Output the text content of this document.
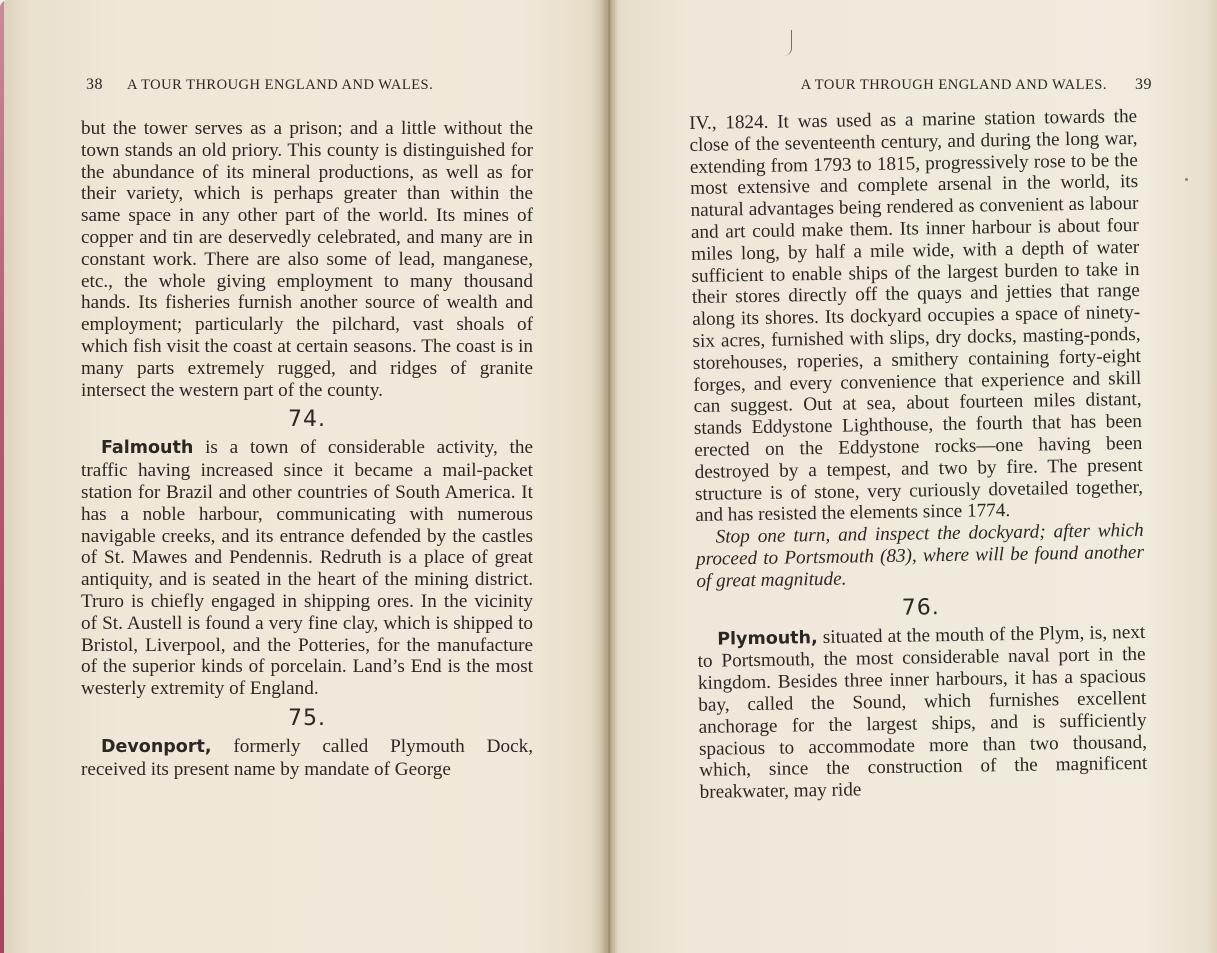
38 A TOUR THROUGH ENGLAND AND WALES.

but the tower serves as a prison; and a little without the town stands an old priory. This county is distinguished for the abundance of its mineral productions, as well as for their variety, which is perhaps greater than within the same space in any other part of the world. Its mines of copper and tin are deservedly celebrated, and many are in constant work. There are also some of lead, manganese, etc., the whole giving employment to many thousand hands. Its fisheries furnish another source of wealth and employment; particularly the pilchard, vast shoals of which fish visit the coast at certain seasons. The coast is in many parts extremely rugged, and ridges of granite intersect the western part of the county.

74.

Falmouth is a town of considerable activity, the traffic having increased since it became a mail-packet station for Brazil and other countries of South America. It has a noble harbour, communicating with numerous navigable creeks, and its entrance defended by the castles of St. Mawes and Pendennis. Redruth is a place of great antiquity, and is seated in the heart of the mining district. Truro is chiefly engaged in shipping ores. In the vicinity of St. Austell is found a very fine clay, which is shipped to Bristol, Liverpool, and the Potteries, for the manufacture of the superior kinds of porcelain. Land’s End is the most westerly extremity of England.

75.

Devonport, formerly called Plymouth Dock, received its present name by mandate of George

A TOUR THROUGH ENGLAND AND WALES. 39

IV., 1824. It was used as a marine station towards the close of the seventeenth century, and during the long war, extending from 1793 to 1815, progressively rose to be the most extensive and complete arsenal in the world, its natural advantages being rendered as convenient as labour and art could make them. Its inner harbour is about four miles long, by half a mile wide, with a depth of water sufficient to enable ships of the largest burden to take in their stores directly off the quays and jetties that range along its shores. Its dockyard occupies a space of ninety-six acres, furnished with slips, dry docks, masting-ponds, storehouses, roperies, a smithery containing forty-eight forges, and every convenience that experience and skill can suggest. Out at sea, about fourteen miles distant, stands Eddystone Lighthouse, the fourth that has been erected on the Eddystone rocks—one having been destroyed by a tempest, and two by fire. The present structure is of stone, very curiously dovetailed together, and has resisted the elements since 1774.

Stop one turn, and inspect the dockyard; after which proceed to Portsmouth (83), where will be found another of great magnitude.

76.

Plymouth, situated at the mouth of the Plym, is, next to Portsmouth, the most considerable naval port in the kingdom. Besides three inner harbours, it has a spacious bay, called the Sound, which furnishes excellent anchorage for the largest ships, and is sufficiently spacious to accommodate more than two thousand, which, since the construction of the magnificent breakwater, may ride
